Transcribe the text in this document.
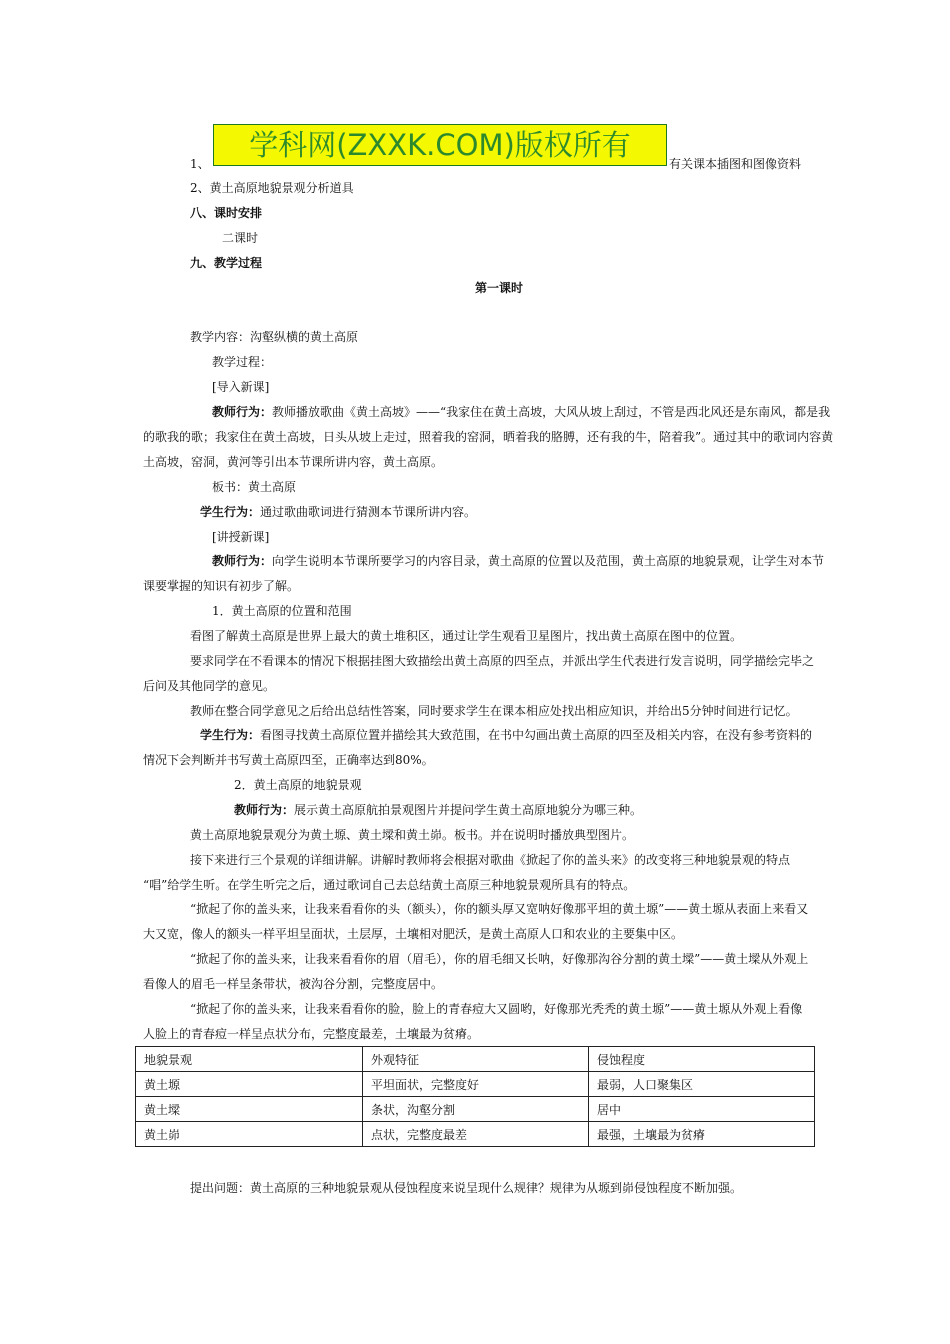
学科网(ZXXK.COM)版权所有
1、	有关课本插图和图像资料
2、黄土高原地貌景观分析道具
八、课时安排
二课时
九、教学过程
第一课时
教学内容：沟壑纵横的黄土高原
教学过程：
[导入新课]
教师行为：教师播放歌曲《黄土高坡》——“我家住在黄土高坡，大风从坡上刮过，不管是西北风还是东南风，都是我
的歌我的歌；我家住在黄土高坡，日头从坡上走过，照着我的窑洞，晒着我的胳膊，还有我的牛，陪着我”。通过其中的歌词内容黄
土高坡，窑洞，黄河等引出本节课所讲内容，黄土高原。
板书：黄土高原
学生行为：通过歌曲歌词进行猜测本节课所讲内容。
[讲授新课]
教师行为：向学生说明本节课所要学习的内容目录，黄土高原的位置以及范围，黄土高原的地貌景观，让学生对本节
课要掌握的知识有初步了解。
1．黄土高原的位置和范围
看图了解黄土高原是世界上最大的黄土堆积区，通过让学生观看卫星图片，找出黄土高原在图中的位置。
要求同学在不看课本的情况下根据挂图大致描绘出黄土高原的四至点，并派出学生代表进行发言说明，同学描绘完毕之
后问及其他同学的意见。
教师在整合同学意见之后给出总结性答案，同时要求学生在课本相应处找出相应知识，并给出5分钟时间进行记忆。
学生行为：看图寻找黄土高原位置并描绘其大致范围，在书中勾画出黄土高原的四至及相关内容，在没有参考资料的
情况下会判断并书写黄土高原四至，正确率达到80%。
2．黄土高原的地貌景观
教师行为：展示黄土高原航拍景观图片并提问学生黄土高原地貌分为哪三种。
黄土高原地貌景观分为黄土塬、黄土墚和黄土峁。板书。并在说明时播放典型图片。
接下来进行三个景观的详细讲解。讲解时教师将会根据对歌曲《掀起了你的盖头来》的改变将三种地貌景观的特点
“唱”给学生听。在学生听完之后，通过歌词自己去总结黄土高原三种地貌景观所具有的特点。
“掀起了你的盖头来，让我来看看你的头（额头），你的额头厚又宽呐好像那平坦的黄土塬”——黄土塬从表面上来看又
大又宽，像人的额头一样平坦呈面状，土层厚，土壤相对肥沃，是黄土高原人口和农业的主要集中区。
“掀起了你的盖头来，让我来看看你的眉（眉毛），你的眉毛细又长呐，好像那沟谷分割的黄土墚”——黄土墚从外观上
看像人的眉毛一样呈条带状，被沟谷分割，完整度居中。
“掀起了你的盖头来，让我来看看你的脸，脸上的青春痘大又圆哟，好像那光秃秃的黄土塬”——黄土塬从外观上看像
人脸上的青春痘一样呈点状分布，完整度最差，土壤最为贫瘠。
地貌景观	外观特征	侵蚀程度
黄土塬	平坦面状，完整度好	最弱，人口聚集区
黄土墚	条状，沟壑分割	居中
黄土峁	点状，完整度最差	最强，土壤最为贫瘠
提出问题：黄土高原的三种地貌景观从侵蚀程度来说呈现什么规律？规律为从塬到峁侵蚀程度不断加强。
